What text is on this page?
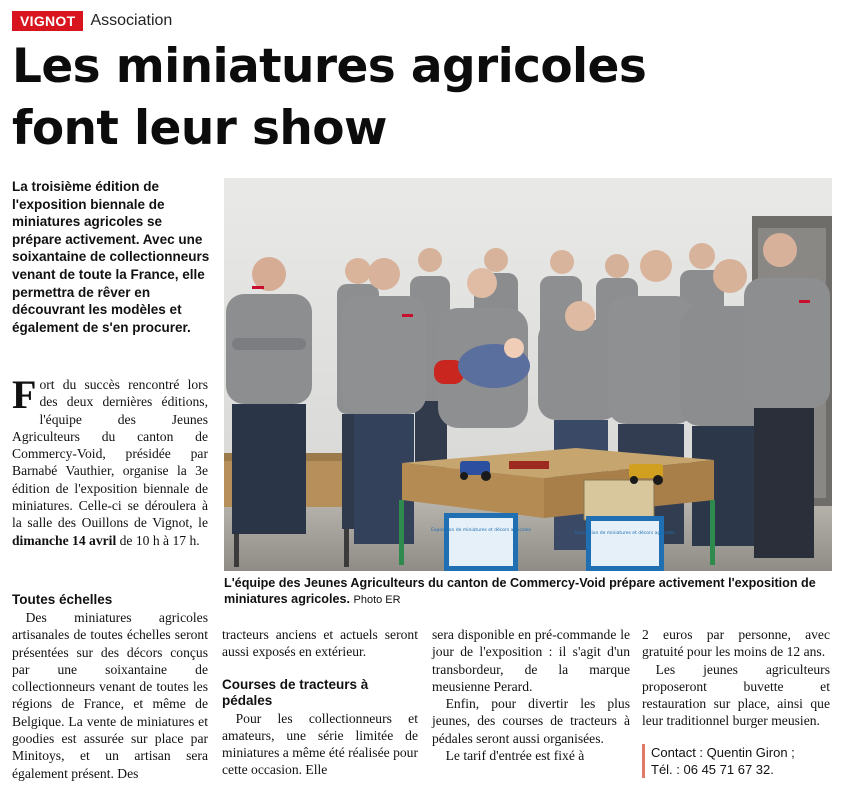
VIGNOT Association
Les miniatures agricoles
font leur show

La troisième édition de l'exposition biennale de miniatures agricoles se prépare activement. Avec une soixantaine de collectionneurs venant de toute la France, elle permettra de rêver en découvrant les modèles et également de s'en procurer.

Fort du succès rencontré lors des deux dernières éditions, l'équipe des Jeunes Agriculteurs du canton de Commercy-Void, présidée par Barnabé Vauthier, organise la 3e édition de l'exposition biennale de miniatures. Celle-ci se déroulera à la salle des Ouillons de Vignot, le dimanche 14 avril de 10 h à 17 h.

Toutes échelles

 Des miniatures agricoles artisanales de toutes échelles seront présentées sur des décors conçus par une soixantaine de collectionneurs venant de toutes les régions de France, et même de Belgique. La vente de miniatures et goodies est assurée sur place par Minitoys, et un artisan sera également présent. Des

tracteurs anciens et actuels seront aussi exposés en extérieur.

Courses de tracteurs à pédales

 Pour les collectionneurs et amateurs, une série limitée de miniatures a même été réalisée pour cette occasion. Elle

sera disponible en pré-commande le jour de l'exposition : il s'agit d'un transbordeur, de la marque meusienne Perard.

 Enfin, pour divertir les plus jeunes, des courses de tracteurs à pédales seront aussi organisées.

 Le tarif d'entrée est fixé à

2 euros par personne, avec gratuité pour les moins de 12 ans.

 Les jeunes agriculteurs proposeront buvette et restauration sur place, ainsi que leur traditionnel burger meusien.

Contact : Quentin Giron ;
Tél. : 06 45 71 67 32.
Exposition de miniatures et décors agricoles
Exposition de miniatures et décors agricoles

L'équipe des Jeunes Agriculteurs du canton de Commercy-Void prépare activement l'exposition de miniatures agricoles. Photo ER
